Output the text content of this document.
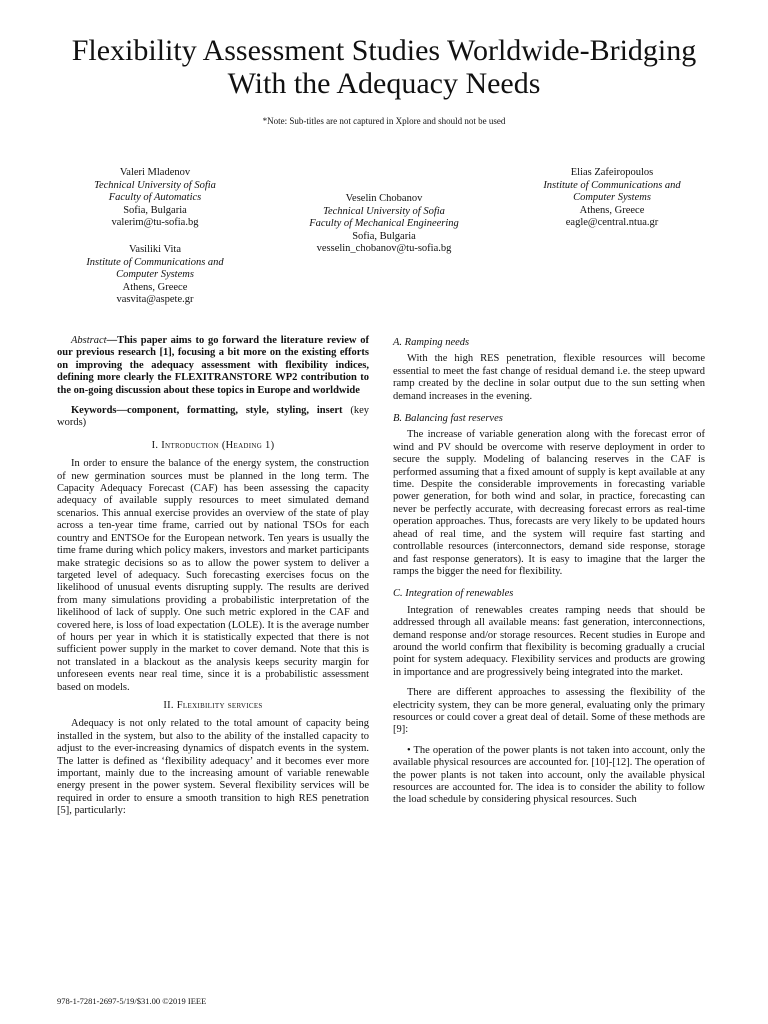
Flexibility Assessment Studies Worldwide-Bridging
With the Adequacy Needs
*Note: Sub-titles are not captured in Xplore and should not be used
Valeri Mladenov
Technical University of Sofia
Faculty of Automatics
Sofia, Bulgaria
valerim@tu-sofia.bg
Veselin Chobanov
Technical University of Sofia
Faculty of Mechanical Engineering
Sofia, Bulgaria
vesselin_chobanov@tu-sofia.bg
Elias Zafeiropoulos
Institute of Communications and
Computer Systems
Athens, Greece
eagle@central.ntua.gr
Vasiliki Vita
Institute of Communications and
Computer Systems
Athens, Greece
vasvita@aspete.gr

Abstract—This paper aims to go forward the literature review of our previous research [1], focusing a bit more on the existing efforts on improving the adequacy assessment with flexibility indices, defining more clearly the FLEXITRANSTORE WP2 contribution to the on-going discussion about these topics in Europe and worldwide

Keywords—component, formatting, style, styling, insert (key words)

I. Introduction (Heading 1)

In order to ensure the balance of the energy system, the construction of new germination sources must be planned in the long term. The Capacity Adequacy Forecast (CAF) has been assessing the capacity adequacy of available supply resources to meet simulated demand scenarios. This annual exercise provides an overview of the state of play across a ten-year time frame, carried out by national TSOs for each country and ENTSOe for the European network. Ten years is usually the time frame during which policy makers, investors and market participants make strategic decisions so as to allow the power system to deliver a targeted level of adequacy. Such forecasting exercises focus on the likelihood of unusual events disrupting supply. The results are derived from many simulations providing a probabilistic interpretation of the likelihood of lack of supply. One such metric explored in the CAF and covered here, is loss of load expectation (LOLE). It is the average number of hours per year in which it is statistically expected that there is not sufficient power supply in the market to cover demand. Note that this is not translated in a blackout as the analysis keeps security margin for unforeseen events near real time, since it is a probabilistic assessment based on models.

II. Flexibility services

Adequacy is not only related to the total amount of capacity being installed in the system, but also to the ability of the installed capacity to adjust to the ever-increasing dynamics of dispatch events in the system. The latter is defined as ‘flexibility adequacy’ and it becomes ever more important, mainly due to the increasing amount of variable renewable energy present in the power system. Several flexibility services will be required in order to ensure a smooth transition to high RES penetration [5], particularly:

A. Ramping needs

With the high RES penetration, flexible resources will become essential to meet the fast change of residual demand i.e. the steep upward ramp created by the decline in solar output due to the sun setting when demand increases in the evening.

B. Balancing fast reserves

The increase of variable generation along with the forecast error of wind and PV should be overcome with reserve deployment in order to secure the supply. Modeling of balancing reserves in the CAF is performed assuming that a fixed amount of supply is kept available at any time. Despite the considerable improvements in forecasting variable power generation, for both wind and solar, in practice, forecasting can never be perfectly accurate, with decreasing forecast errors as real-time operation approaches. Thus, forecasts are very likely to be updated hours ahead of real time, and the system will require fast starting and controllable resources (interconnectors, demand side response, storage and fast response generators). It is easy to imagine that the larger the ramps the bigger the need for flexibility.

C. Integration of renewables

Integration of renewables creates ramping needs that should be addressed through all available means: fast generation, interconnections, demand response and/or storage resources. Recent studies in Europe and around the world confirm that flexibility is becoming gradually a crucial point for system adequacy. Flexibility services and products are growing in importance and are progressively being integrated into the market.

There are different approaches to assessing the flexibility of the electricity system, they can be more general, evaluating only the primary resources or could cover a great deal of detail. Some of these methods are [9]:

• The operation of the power plants is not taken into account, only the available physical resources are accounted for. [10]-[12]. The operation of the power plants is not taken into account, only the available physical resources are accounted for. The idea is to consider the ability to follow the load schedule by considering physical resources. Such

978-1-7281-2697-5/19/$31.00 ©2019 IEEE
